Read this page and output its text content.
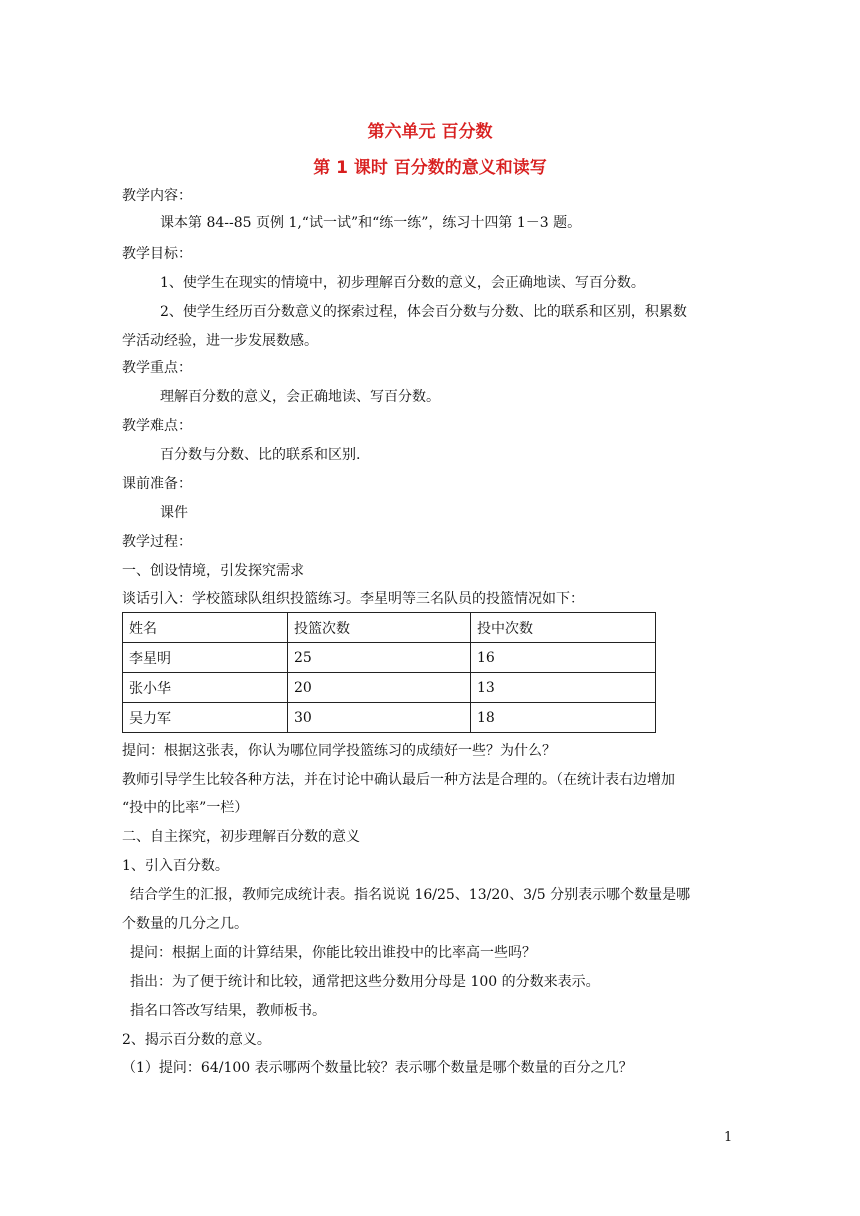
第六单元 百分数
第 1 课时 百分数的意义和读写
教学内容：
课本第 84--85 页例 1,“试一试”和“练一练”，练习十四第 1－3 题。
教学目标：
1、使学生在现实的情境中，初步理解百分数的意义，会正确地读、写百分数。
2、使学生经历百分数意义的探索过程，体会百分数与分数、比的联系和区别，积累数
学活动经验，进一步发展数感。
教学重点：
理解百分数的意义，会正确地读、写百分数。
教学难点：
百分数与分数、比的联系和区别.
课前准备：
课件
教学过程：
一、创设情境，引发探究需求
谈话引入：学校篮球队组织投篮练习。李星明等三名队员的投篮情况如下：
姓名	投篮次数	投中次数
李星明	25	16
张小华	20	13
吴力军	30	18
提问：根据这张表，你认为哪位同学投篮练习的成绩好一些？为什么？
教师引导学生比较各种方法，并在讨论中确认最后一种方法是合理的。（在统计表右边增加
“投中的比率”一栏）
二、自主探究，初步理解百分数的意义
1、引入百分数。
结合学生的汇报，教师完成统计表。指名说说 16/25、13/20、3/5 分别表示哪个数量是哪
个数量的几分之几。
提问：根据上面的计算结果，你能比较出谁投中的比率高一些吗？
指出：为了便于统计和比较，通常把这些分数用分母是 100 的分数来表示。
指名口答改写结果，教师板书。
2、揭示百分数的意义。
（1）提问：64/100 表示哪两个数量比较？表示哪个数量是哪个数量的百分之几？
1
